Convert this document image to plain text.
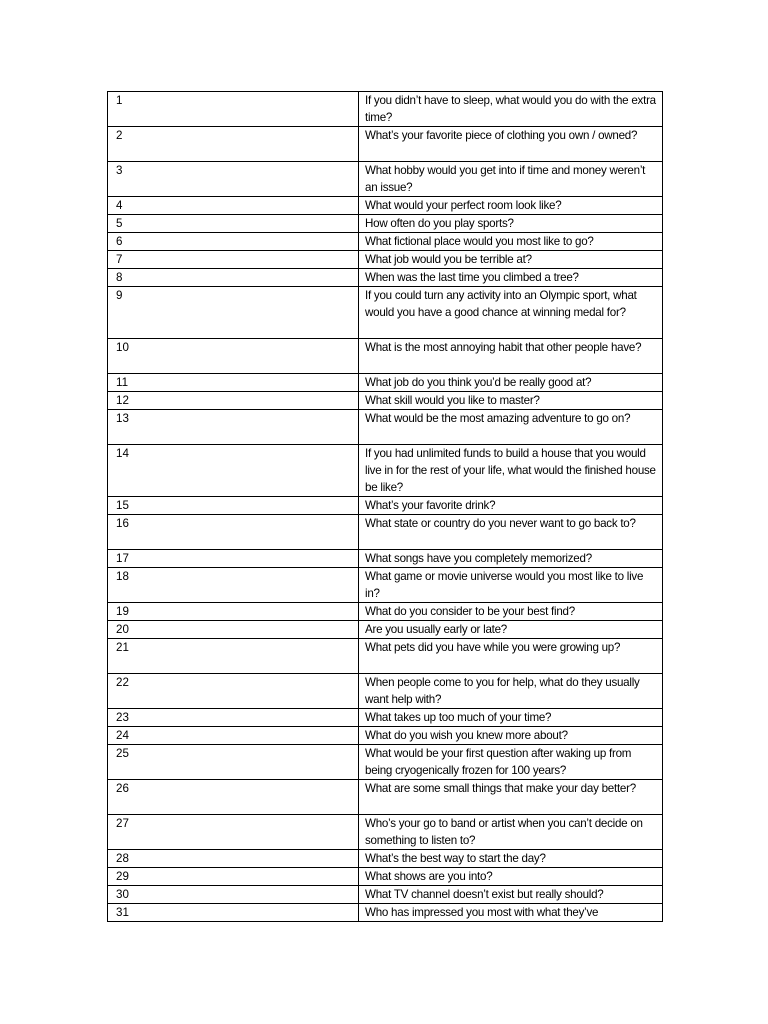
1	If you didn’t have to sleep, what would you do with the extra time?
2	What’s your favorite piece of clothing you own / owned?
3	What hobby would you get into if time and money weren’t an issue?
4	What would your perfect room look like?
5	How often do you play sports?
6	What fictional place would you most like to go?
7	What job would you be terrible at?
8	When was the last time you climbed a tree?
9	If you could turn any activity into an Olympic sport, what would you have a good chance at winning medal for?
10	What is the most annoying habit that other people have?
11	What job do you think you’d be really good at?
12	What skill would you like to master?
13	What would be the most amazing adventure to go on?
14	If you had unlimited funds to build a house that you would live in for the rest of your life, what would the finished house be like?
15	What’s your favorite drink?
16	What state or country do you never want to go back to?
17	What songs have you completely memorized?
18	What game or movie universe would you most like to live in?
19	What do you consider to be your best find?
20	Are you usually early or late?
21	What pets did you have while you were growing up?
22	When people come to you for help, what do they usually want help with?
23	What takes up too much of your time?
24	What do you wish you knew more about?
25	What would be your first question after waking up from being cryogenically frozen for 100 years?
26	What are some small things that make your day better?
27	Who’s your go to band or artist when you can’t decide on something to listen to?
28	What’s the best way to start the day?
29	What shows are you into?
30	What TV channel doesn’t exist but really should?
31	Who has impressed you most with what they’ve
